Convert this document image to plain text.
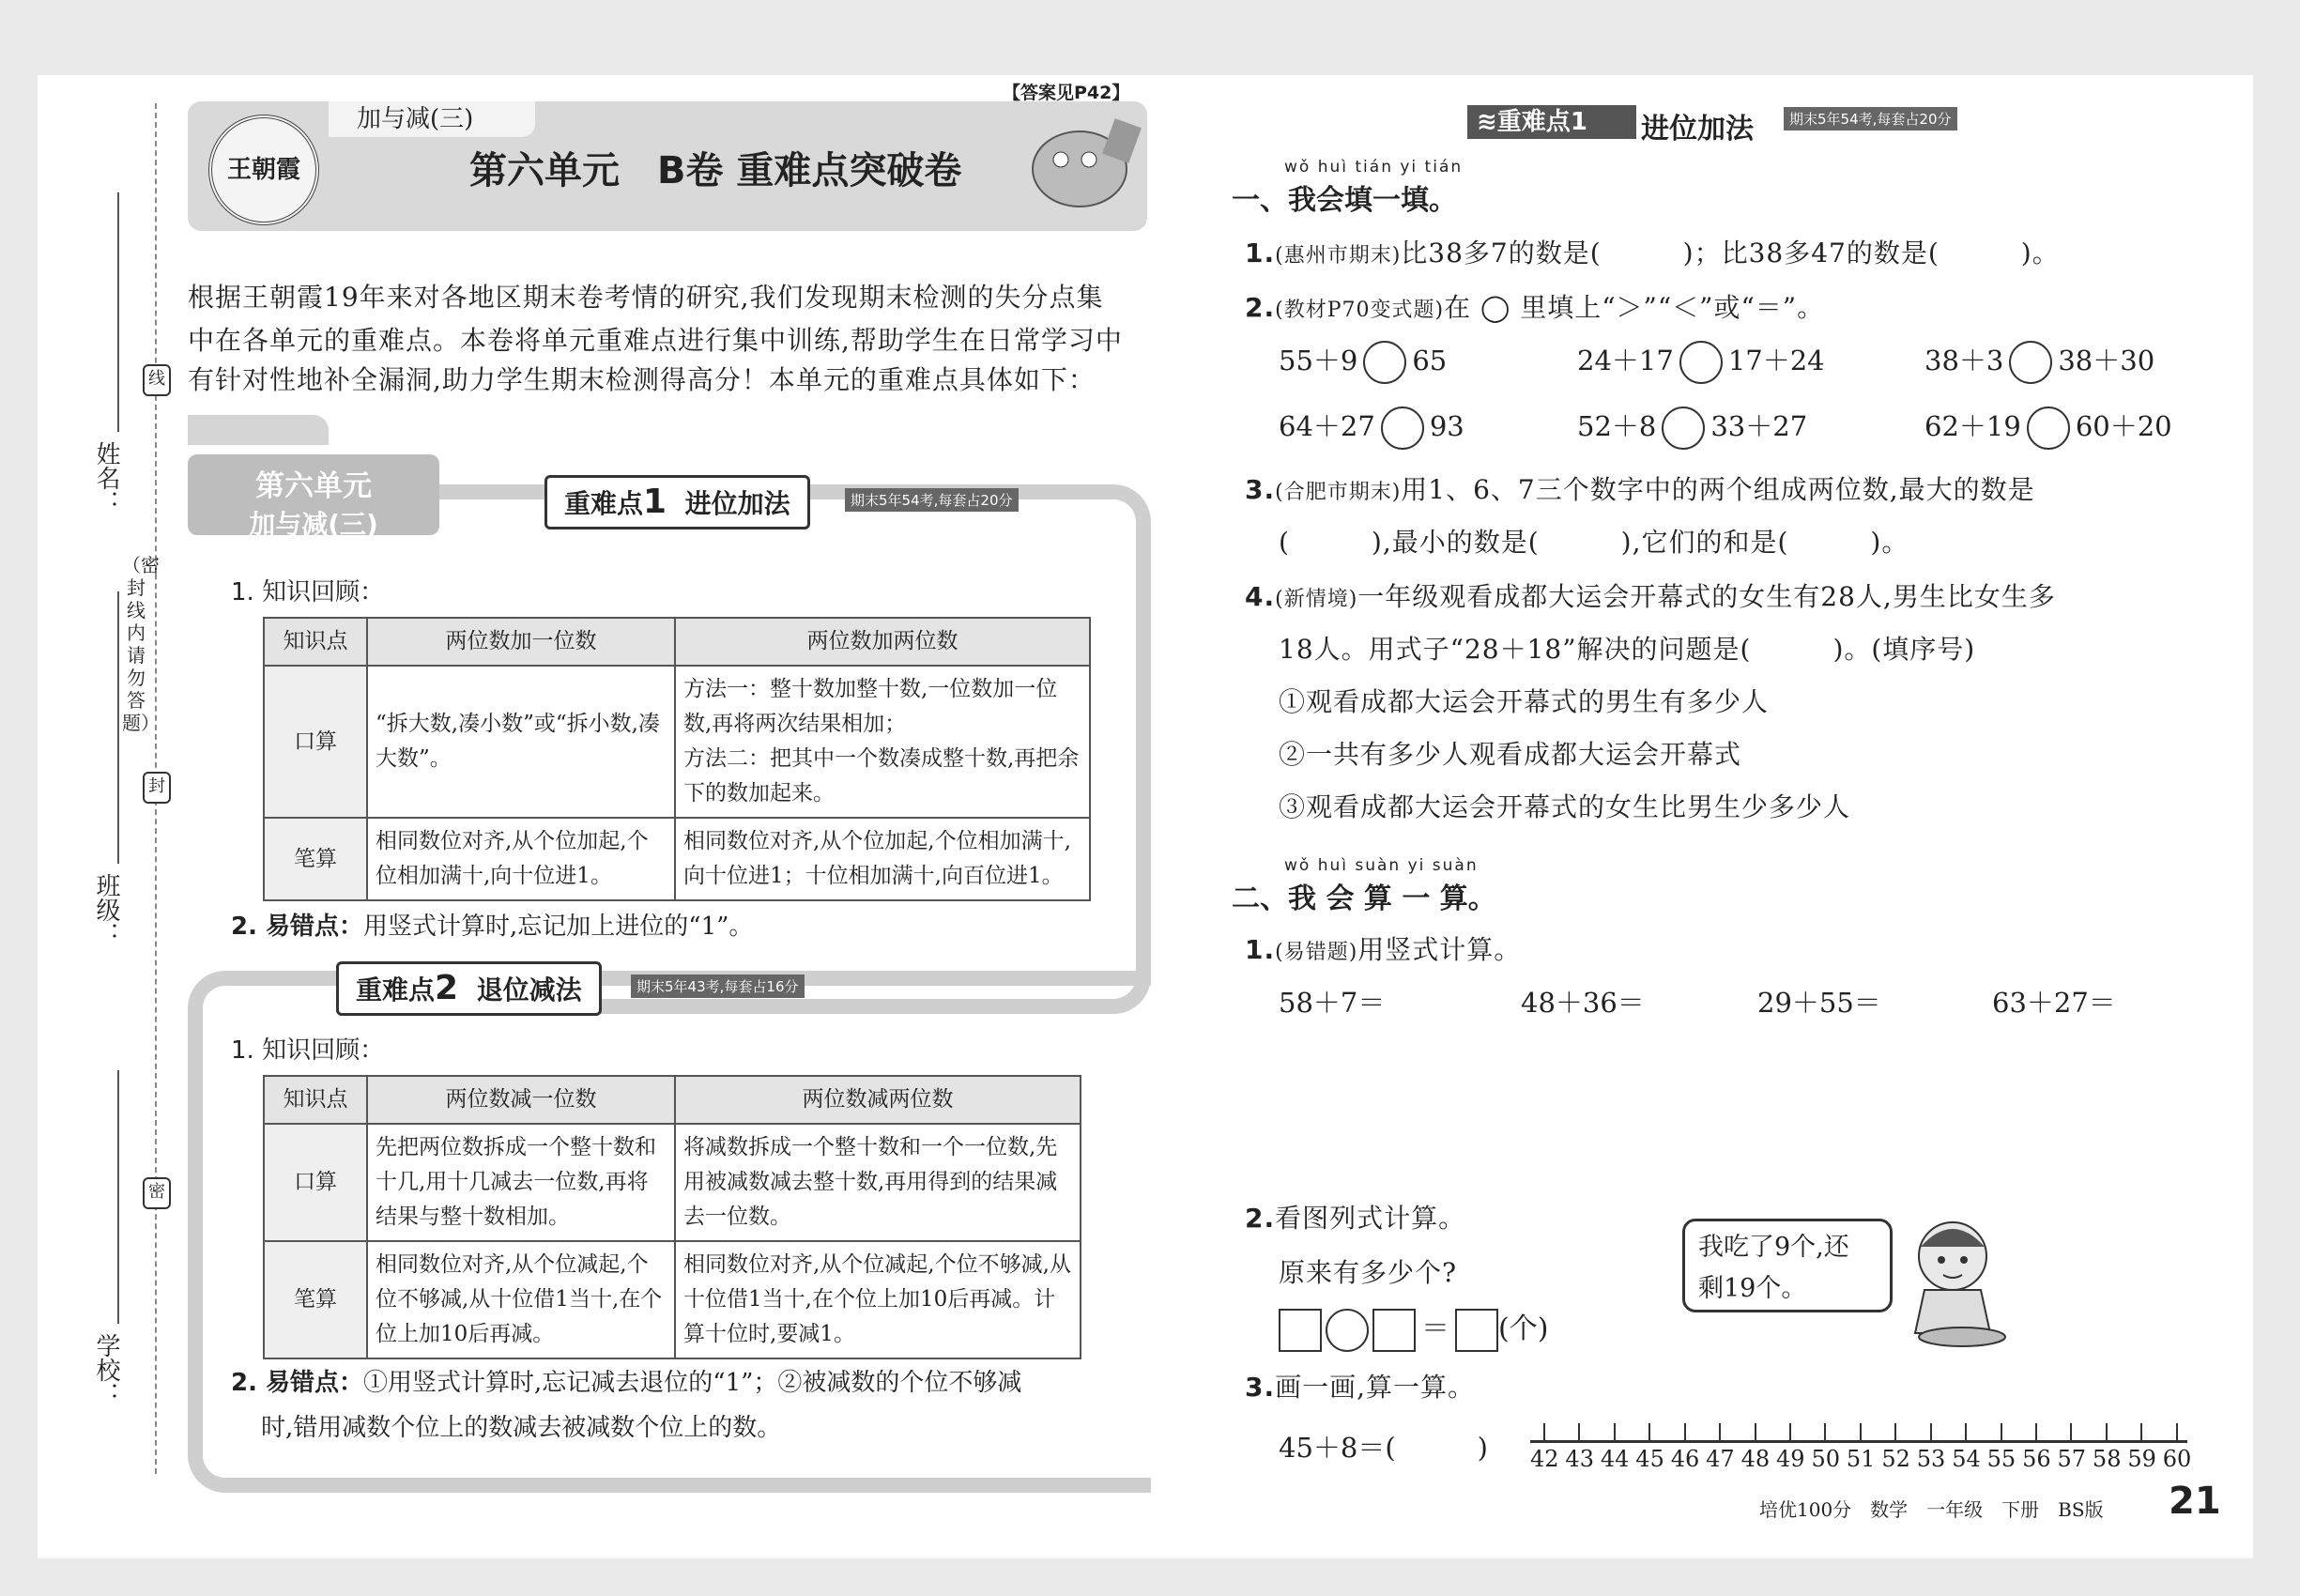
姓名：
班级：
学校：
线
封
密
（密封线内请勿答题）
王朝霞
加与减(三)
第六单元　B卷 重难点突破卷
【答案见P42】
根据王朝霞19年来对各地区期末卷考情的研究,我们发现期末检测的失分点集
中在各单元的重难点。本卷将单元重难点进行集中训练,帮助学生在日常学习中
有针对性地补全漏洞,助力学生期末检测得高分！本单元的重难点具体如下：
第六单元
加与减(三)
重难点1 进位加法	期末5年54考,每套占20分
1. 知识回顾：
知识点	两位数加一位数	两位数加两位数
口算	“拆大数,凑小数”或“拆小数,凑大数”。	方法一：整十数加整十数,一位数加一位数,再将两次结果相加；
方法二：把其中一个数凑成整十数,再把余下的数加起来。

笔算	相同数位对齐,从个位加起,个位相加满十,向十位进1。	相同数位对齐,从个位加起,个位相加满十,向十位进1；十位相加满十,向百位进1。
2. 易错点：用竖式计算时,忘记加上进位的“1”。
重难点2 退位减法	期末5年43考,每套占16分
1. 知识回顾：
知识点	两位数减一位数	两位数减两位数
口算	先把两位数拆成一个整十数和十几,用十几减去一位数,再将结果与整十数相加。	将减数拆成一个整十数和一个一位数,先用被减数减去整十数,再用得到的结果减去一位数。
笔算	相同数位对齐,从个位减起,个位不够减,从十位借1当十,在个位上加10后再减。	相同数位对齐,从个位减起,个位不够减,从十位借1当十,在个位上加10后再减。计算十位时,要减1。
2. 易错点：①用竖式计算时,忘记减去退位的“1”；②被减数的个位不够减
时,错用减数个位上的数减去被减数个位上的数。
≋重难点1	进位加法	期末5年54考,每套占20分
wǒ huì tián yi tián
一、我会填一填。
1.(惠州市期末)比38多7的数是(　　　)；比38多47的数是(　　　)。
2.(教材P70变式题)在 ◯ 里填上“＞”“＜”或“＝”。
55＋9 65	24＋17 17＋24	38＋3 38＋30
64＋27 93	52＋8 33＋27	62＋19 60＋20
3.(合肥市期末)用1、6、7三个数字中的两个组成两位数,最大的数是
(　　　),最小的数是(　　　),它们的和是(　　　)。
4.(新情境)一年级观看成都大运会开幕式的女生有28人,男生比女生多
18人。用式子“28＋18”解决的问题是(　　　)。(填序号)
①观看成都大运会开幕式的男生有多少人
②一共有多少人观看成都大运会开幕式
③观看成都大运会开幕式的女生比男生少多少人
wǒ huì suàn yi suàn
二、我 会 算 一 算。
1.(易错题)用竖式计算。
58＋7＝	48＋36＝	29＋55＝	63＋27＝
2.看图列式计算。
原来有多少个?
＝ (个)
我吃了9个,还
剩19个。
3.画一画,算一算。
45＋8＝(　　　) 42 43 44 45 46 47 48 49 50 51 52 53 54 55 56 57 58 59 60
培优100分　数学　一年级　下册　BS版 21
